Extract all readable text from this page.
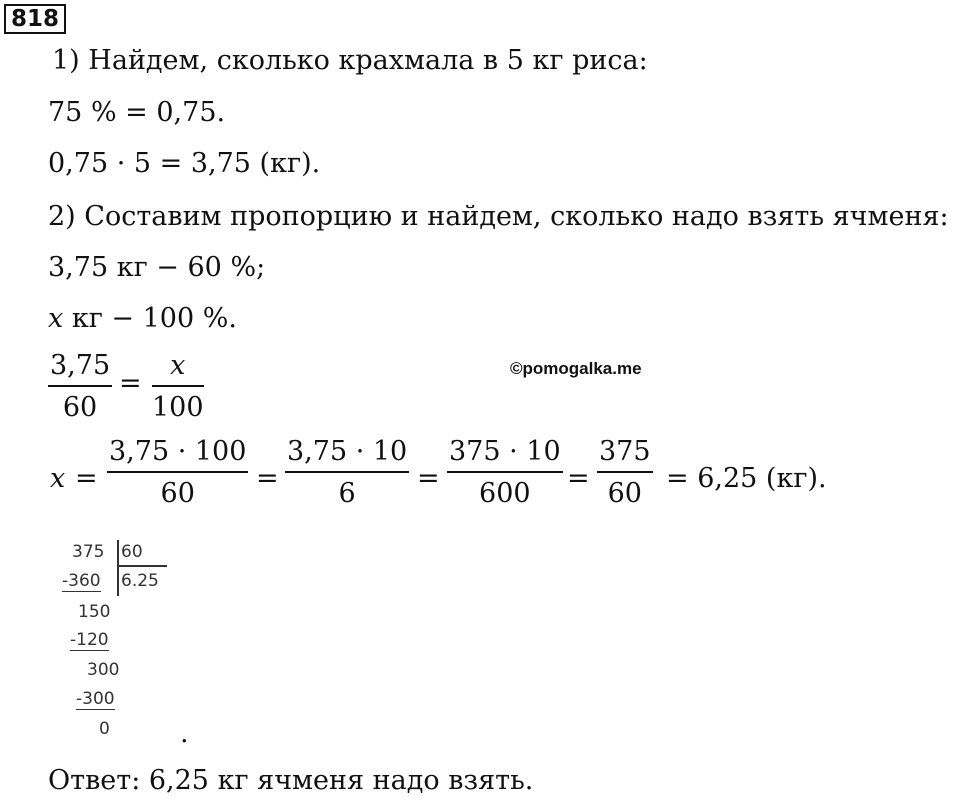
818
1) Найдем, сколько крахмала в 5 кг риса:
75 % = 0,75.
0,75 · 5 = 3,75 (кг).
2) Составим пропорцию и найдем, сколько надо взять ячменя:
3,75 кг − 60 %;
x кг − 100 %.
3,75
60
=
x
100
©pomogalka.me
x =
3,75 · 100
60 =
3,75 · 10
6 =
375 · 10
600 =
375
60 = 6,25 (кг).
375 60
6.25
-360
150
-120
300
-300
0	.
Ответ: 6,25 кг ячменя надо взять.
